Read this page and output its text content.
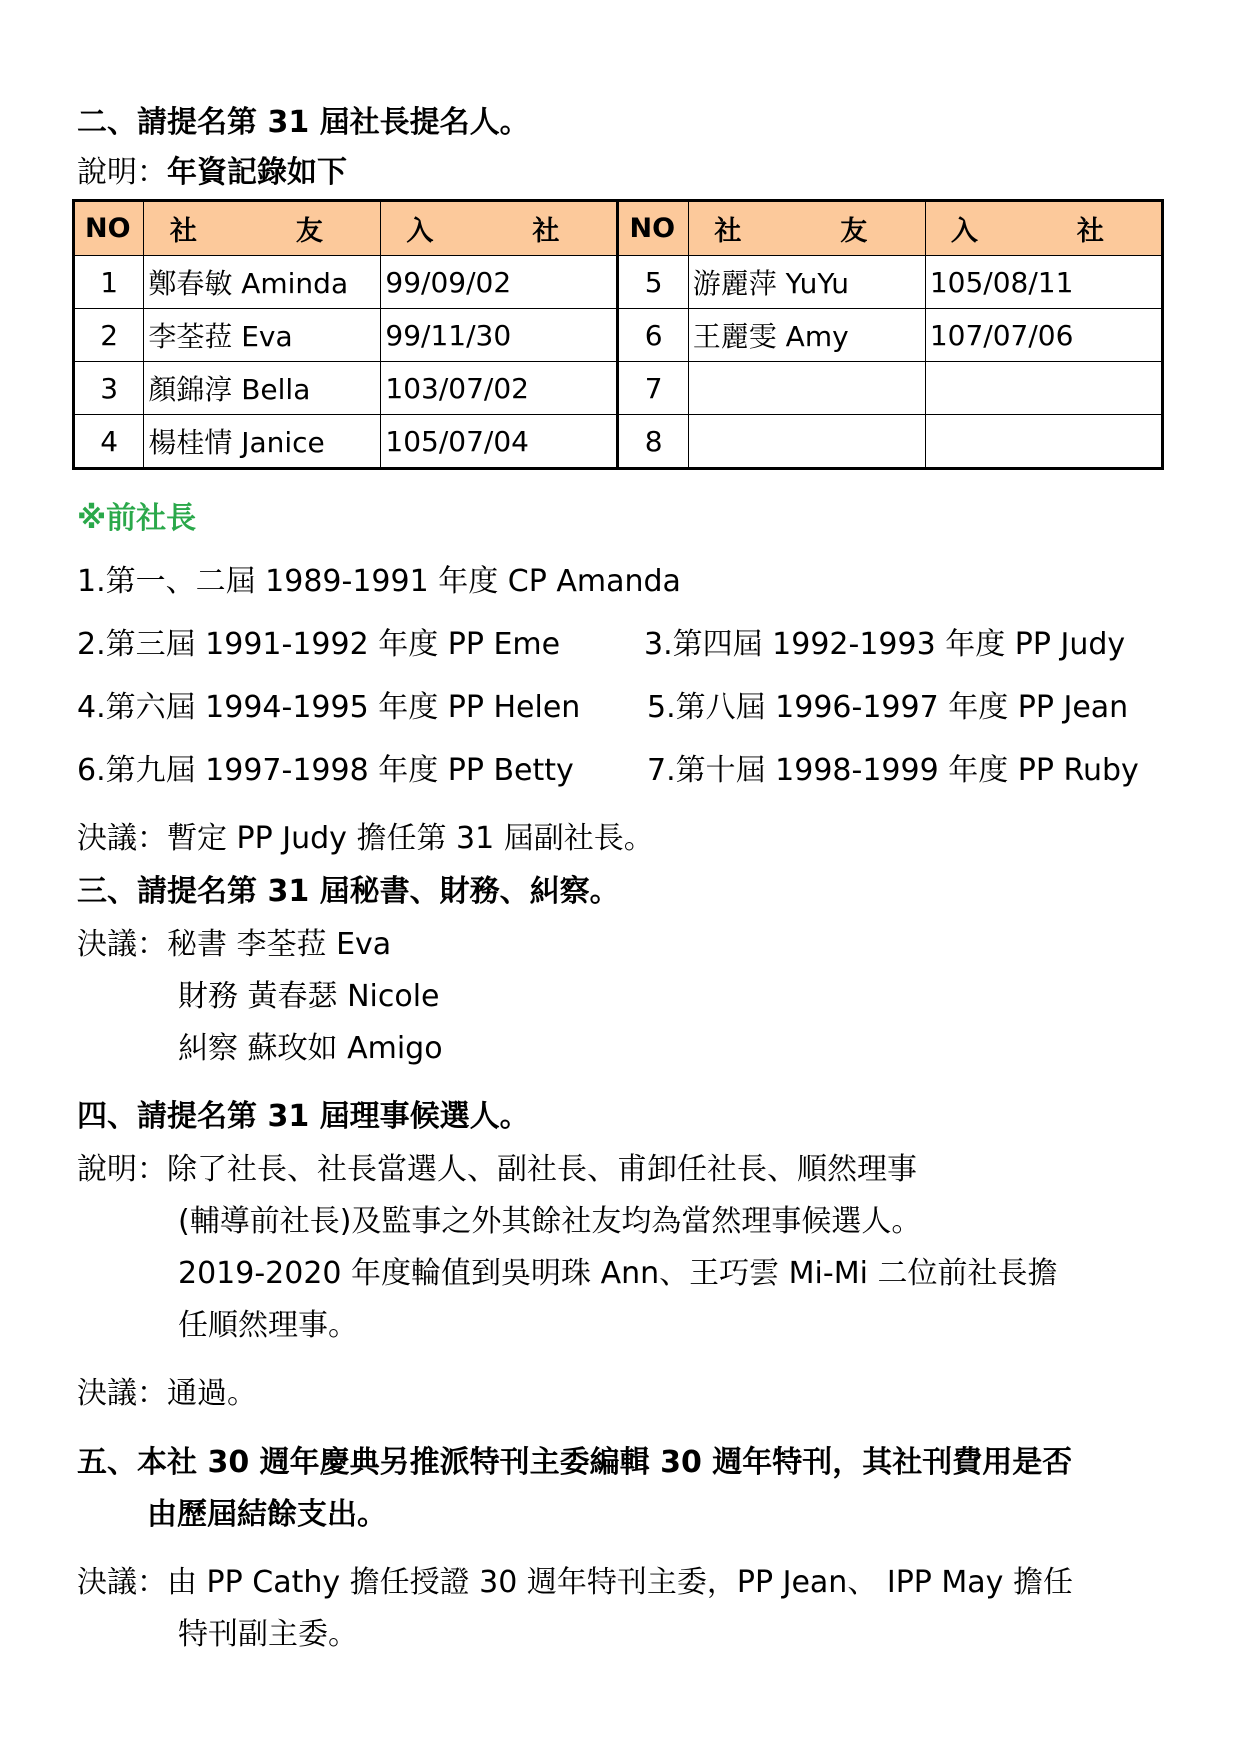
二、請提名第 31 屆社長提名人。
說明：年資記錄如下
NO	社　友	入　社	NO	社　友	入　社
1	鄭春敏 Aminda	99/09/02	5	游麗萍 YuYu	105/08/11
2	李荃菈 Eva	99/11/30	6	王麗雯 Amy	107/07/06
3	顏錦淳 Bella	103/07/02	7		
4	楊桂情 Janice	105/07/04	8		
※前社長
1.第一、二屆 1989-1991 年度 CP Amanda
2.第三屆 1991-1992 年度 PP Eme	3.第四屆 1992-1993 年度 PP Judy
4.第六屆 1994-1995 年度 PP Helen 5.第八屆 1996-1997 年度 PP Jean
6.第九屆 1997-1998 年度 PP Betty 7.第十屆 1998-1999 年度 PP Ruby
決議：暫定 PP Judy 擔任第 31 屆副社長。
三、請提名第 31 屆秘書、財務、糾察。
決議：秘書 李荃菈 Eva
財務 黃春瑟 Nicole
糾察 蘇玫如 Amigo
四、請提名第 31 屆理事候選人。
說明：除了社長、社長當選人、副社長、甫卸任社長、順然理事
(輔導前社長)及監事之外其餘社友均為當然理事候選人。
2019-2020 年度輪值到吳明珠 Ann、王巧雲 Mi-Mi 二位前社長擔
任順然理事。
決議：通過。
五、本社 30 週年慶典另推派特刊主委編輯 30 週年特刊，其社刊費用是否
由歷屆結餘支出。
決議：由 PP Cathy 擔任授證 30 週年特刊主委，PP Jean、 IPP May 擔任
特刊副主委。
